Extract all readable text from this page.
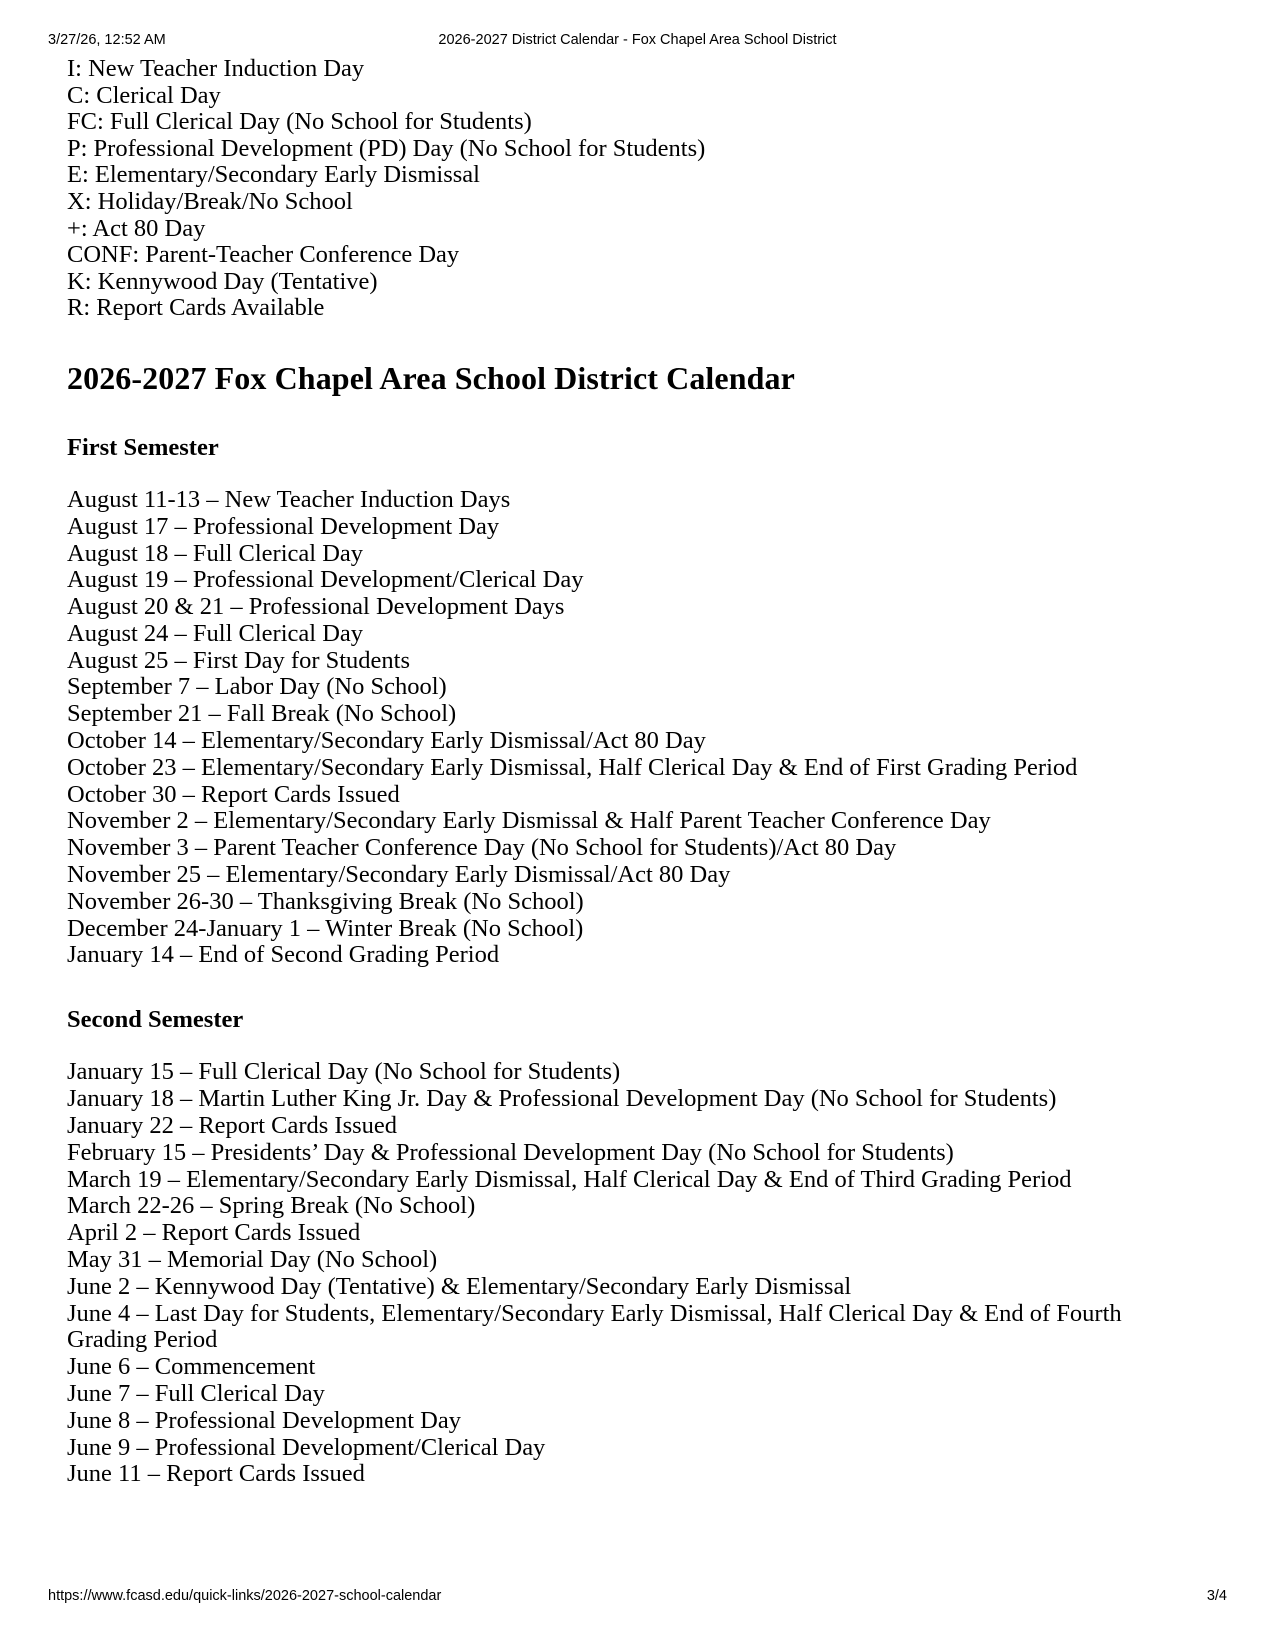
3/27/26, 12:52 AM	2026-2027 District Calendar - Fox Chapel Area School District
I: New Teacher Induction Day
C: Clerical Day
FC: Full Clerical Day (No School for Students)
P: Professional Development (PD) Day (No School for Students)
E: Elementary/Secondary Early Dismissal
X: Holiday/Break/No School
+: Act 80 Day
CONF: Parent-Teacher Conference Day
K: Kennywood Day (Tentative)
R: Report Cards Available
2026-2027 Fox Chapel Area School District Calendar
First Semester
August 11-13 – New Teacher Induction Days
August 17 – Professional Development Day
August 18 – Full Clerical Day
August 19 – Professional Development/Clerical Day
August 20 & 21 – Professional Development Days
August 24 – Full Clerical Day
August 25 – First Day for Students
September 7 – Labor Day (No School)
September 21 – Fall Break (No School)
October 14 – Elementary/Secondary Early Dismissal/Act 80 Day
October 23 – Elementary/Secondary Early Dismissal, Half Clerical Day & End of First Grading Period
October 30 – Report Cards Issued
November 2 – Elementary/Secondary Early Dismissal & Half Parent Teacher Conference Day
November 3 – Parent Teacher Conference Day (No School for Students)/Act 80 Day
November 25 – Elementary/Secondary Early Dismissal/Act 80 Day
November 26-30 – Thanksgiving Break (No School)
December 24-January 1 – Winter Break (No School)
January 14 – End of Second Grading Period
Second Semester
January 15 – Full Clerical Day (No School for Students)
January 18 – Martin Luther King Jr. Day & Professional Development Day (No School for Students)
January 22 – Report Cards Issued
February 15 – Presidents’ Day & Professional Development Day (No School for Students)
March 19 – Elementary/Secondary Early Dismissal, Half Clerical Day & End of Third Grading Period
March 22-26 – Spring Break (No School)
April 2 – Report Cards Issued
May 31 – Memorial Day (No School)
June 2 – Kennywood Day (Tentative) & Elementary/Secondary Early Dismissal
June 4 – Last Day for Students, Elementary/Secondary Early Dismissal, Half Clerical Day & End of Fourth Grading Period
June 6 – Commencement
June 7 – Full Clerical Day
June 8 – Professional Development Day
June 9 – Professional Development/Clerical Day
June 11 – Report Cards Issued
https://www.fcasd.edu/quick-links/2026-2027-school-calendar	3/4
